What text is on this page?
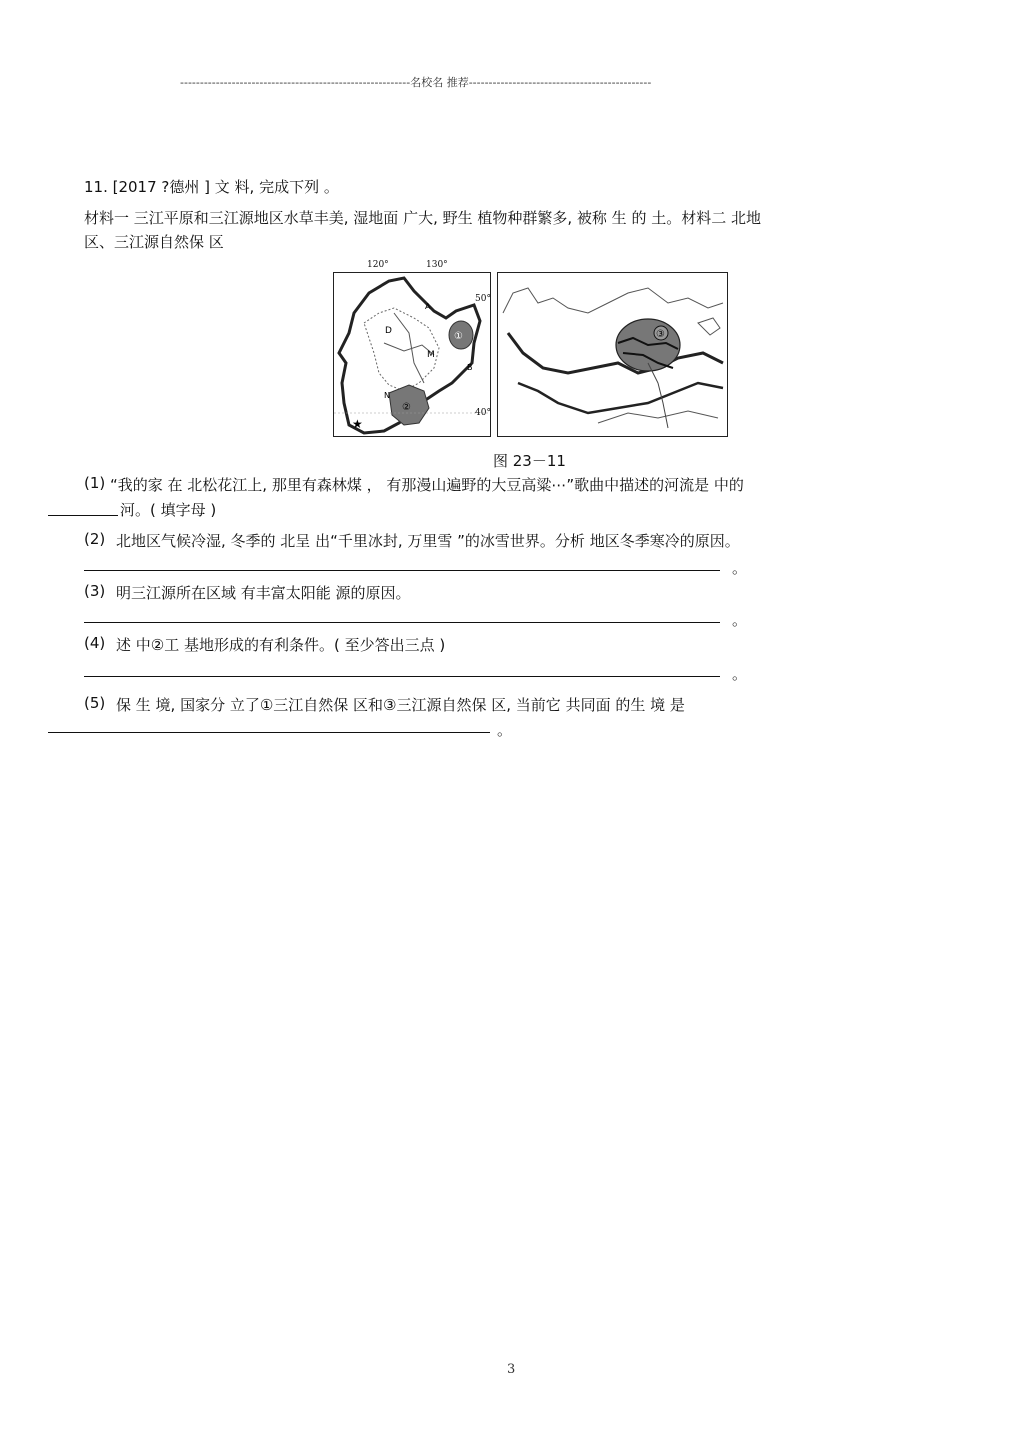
----------------------------------------------------------名校名 推荐----------------------------------------------
11. [2017 ?德州 ] 文 料, 完成下列 。
材料一 三江平原和三江源地区水草丰美, 湿地面 广大, 野生 植物种群繁多, 被称 生 的 土。材料二 北地
区、三江源自然保 区
①
②
A
D
M
B
N
★
120°	130°
50°
40°
③
图 23－11
(1) “我的家 在 北松花江上, 那里有森林煤 ， 有那漫山遍野的大豆高粱⋯”歌曲中描述的河流是 中的
河。( 填字母 )
(2) 北地区气候冷湿, 冬季的 北呈 出“千里冰封, 万里雪 ”的冰雪世界。分析 地区冬季寒冷的原因。
。
(3) 明三江源所在区域 有丰富太阳能 源的原因。
。
(4) 述 中②工 基地形成的有利条件。( 至少答出三点 )
。
(5) 保 生 境, 国家分 立了①三江自然保 区和③三江源自然保 区, 当前它 共同面 的生 境 是
。
3
